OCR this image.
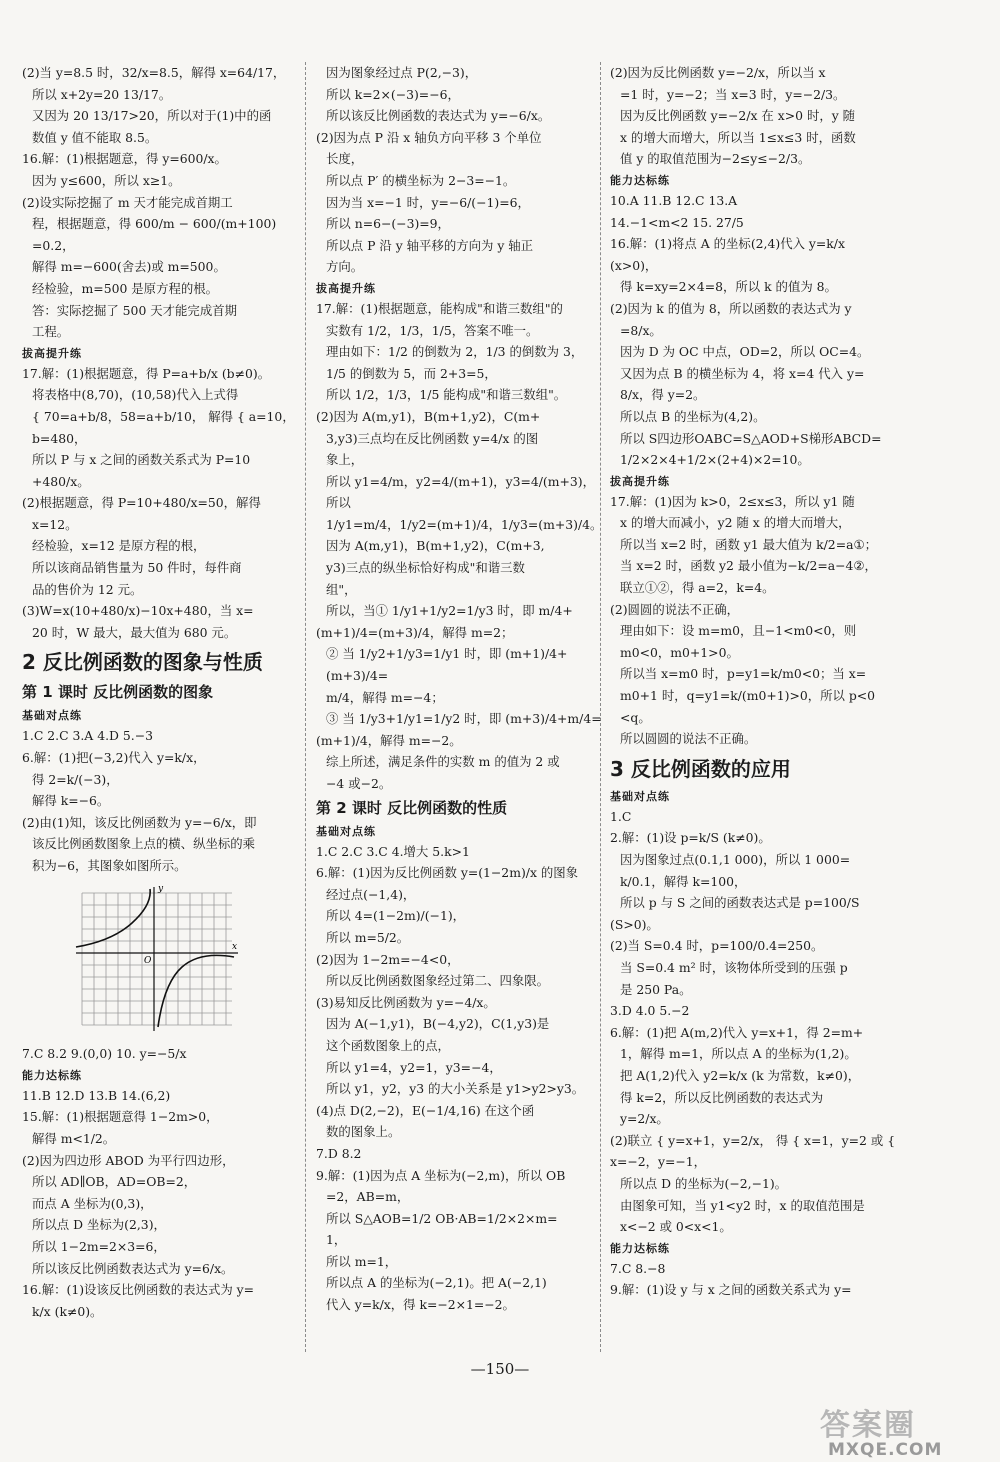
(2)当 y=8.5 时，32/x=8.5，解得 x=64/17，
所以 x+2y=20 13/17。
又因为 20 13/17>20，所以对于(1)中的函
数值 y 值不能取 8.5。
16.解：(1)根据题意，得 y=600/x。
因为 y≤600，所以 x≥1。
(2)设实际挖掘了 m 天才能完成首期工
程，根据题意，得 600/m − 600/(m+100) =0.2，
解得 m=−600(舍去)或 m=500。
经检验，m=500 是原方程的根。
答：实际挖掘了 500 天才能完成首期
工程。
拔高提升练
17.解：(1)根据题意，得 P=a+b/x (b≠0)。
将表格中(8,70)，(10,58)代入上式得
{ 70=a+b/8，58=a+b/10， 解得 { a=10，b=480，
所以 P 与 x 之间的函数关系式为 P=10
+480/x。
(2)根据题意，得 P=10+480/x=50，解得
x=12。
经检验，x=12 是原方程的根，
所以该商品销售量为 50 件时，每件商
品的售价为 12 元。
(3)W=x(10+480/x)−10x+480，当 x=
20 时，W 最大，最大值为 680 元。
2 反比例函数的图象与性质
第 1 课时 反比例函数的图象
基础对点练
1.C 2.C 3.A 4.D 5.−3
6.解：(1)把(−3,2)代入 y=k/x，
得 2=k/(−3)，
解得 k=−6。
(2)由(1)知，该反比例函数为 y=−6/x，即
该反比例函数图象上点的横、纵坐标的乘
积为−6，其图象如图所示。
x
y
O
7.C 8.2 9.(0,0) 10. y=−5/x
能力达标练
11.B 12.D 13.B 14.(6,2)
15.解：(1)根据题意得 1−2m>0，
解得 m<1/2。
(2)因为四边形 ABOD 为平行四边形，
所以 AD∥OB，AD=OB=2，
而点 A 坐标为(0,3)，
所以点 D 坐标为(2,3)，
所以 1−2m=2×3=6，
所以该反比例函数表达式为 y=6/x。
16.解：(1)设该反比例函数的表达式为 y=
k/x (k≠0)。
因为图象经过点 P(2,−3)，
所以 k=2×(−3)=−6，
所以该反比例函数的表达式为 y=−6/x。
(2)因为点 P 沿 x 轴负方向平移 3 个单位
长度，
所以点 P′ 的横坐标为 2−3=−1。
因为当 x=−1 时，y=−6/(−1)=6，
所以 n=6−(−3)=9，
所以点 P 沿 y 轴平移的方向为 y 轴正
方向。
拔高提升练
17.解：(1)根据题意，能构成"和谐三数组"的
实数有 1/2，1/3，1/5，答案不唯一。
理由如下：1/2 的倒数为 2，1/3 的倒数为 3，
1/5 的倒数为 5，而 2+3=5，
所以 1/2，1/3，1/5 能构成"和谐三数组"。
(2)因为 A(m,y1)，B(m+1,y2)，C(m+
3,y3)三点均在反比例函数 y=4/x 的图
象上，
所以 y1=4/m，y2=4/(m+1)，y3=4/(m+3)，所以
1/y1=m/4，1/y2=(m+1)/4，1/y3=(m+3)/4。
因为 A(m,y1)，B(m+1,y2)，C(m+3,
y3)三点的纵坐标恰好构成"和谐三数
组"，
所以，当① 1/y1+1/y2=1/y3 时，即 m/4+
(m+1)/4=(m+3)/4，解得 m=2；
② 当 1/y2+1/y3=1/y1 时，即 (m+1)/4+(m+3)/4=
m/4，解得 m=−4；
③ 当 1/y3+1/y1=1/y2 时，即 (m+3)/4+m/4=
(m+1)/4，解得 m=−2。
综上所述，满足条件的实数 m 的值为 2 或
−4 或−2。
第 2 课时 反比例函数的性质
基础对点练
1.C 2.C 3.C 4.增大 5.k>1
6.解：(1)因为反比例函数 y=(1−2m)/x 的图象
经过点(−1,4)，
所以 4=(1−2m)/(−1)，
所以 m=5/2。
(2)因为 1−2m=−4<0，
所以反比例函数图象经过第二、四象限。
(3)易知反比例函数为 y=−4/x。
因为 A(−1,y1)，B(−4,y2)，C(1,y3)是
这个函数图象上的点，
所以 y1=4，y2=1，y3=−4，
所以 y1，y2，y3 的大小关系是 y1>y2>y3。
(4)点 D(2,−2)，E(−1/4,16) 在这个函
数的图象上。
7.D 8.2
9.解：(1)因为点 A 坐标为(−2,m)，所以 OB
=2，AB=m，
所以 S△AOB=1/2 OB·AB=1/2×2×m=
1，
所以 m=1，
所以点 A 的坐标为(−2,1)。把 A(−2,1)
代入 y=k/x，得 k=−2×1=−2。
(2)因为反比例函数 y=−2/x，所以当 x
=1 时，y=−2；当 x=3 时，y=−2/3。
因为反比例函数 y=−2/x 在 x>0 时，y 随
x 的增大而增大，所以当 1≤x≤3 时，函数
值 y 的取值范围为−2≤y≤−2/3。
能力达标练
10.A 11.B 12.C 13.A
14.−1<m<2 15. 27/5
16.解：(1)将点 A 的坐标(2,4)代入 y=k/x
(x>0)，
得 k=xy=2×4=8，所以 k 的值为 8。
(2)因为 k 的值为 8，所以函数的表达式为 y
=8/x。
因为 D 为 OC 中点，OD=2，所以 OC=4。
又因为点 B 的横坐标为 4，将 x=4 代入 y=
8/x，得 y=2。
所以点 B 的坐标为(4,2)。
所以 S四边形OABC=S△AOD+S梯形ABCD=
1/2×2×4+1/2×(2+4)×2=10。
拔高提升练
17.解：(1)因为 k>0，2≤x≤3，所以 y1 随
x 的增大而减小，y2 随 x 的增大而增大，
所以当 x=2 时，函数 y1 最大值为 k/2=a①；
当 x=2 时，函数 y2 最小值为−k/2=a−4②，
联立①②，得 a=2，k=4。
(2)圆圆的说法不正确，
理由如下：设 m=m0，且−1<m0<0，则
m0<0，m0+1>0。
所以当 x=m0 时，p=y1=k/m0<0；当 x=
m0+1 时，q=y1=k/(m0+1)>0，所以 p<0
<q。
所以圆圆的说法不正确。
3 反比例函数的应用
基础对点练
1.C
2.解：(1)设 p=k/S (k≠0)。
因为图象过点(0.1,1 000)，所以 1 000=
k/0.1，解得 k=100，
所以 p 与 S 之间的函数表达式是 p=100/S
(S>0)。
(2)当 S=0.4 时，p=100/0.4=250。
当 S=0.4 m² 时，该物体所受到的压强 p
是 250 Pa。
3.D 4.0 5.−2
6.解：(1)把 A(m,2)代入 y=x+1，得 2=m+
1，解得 m=1，所以点 A 的坐标为(1,2)。
把 A(1,2)代入 y2=k/x (k 为常数，k≠0)，
得 k=2，所以反比例函数的表达式为
y=2/x。
(2)联立 { y=x+1，y=2/x， 得 { x=1，y=2 或 { x=−2，y=−1，
所以点 D 的坐标为(−2,−1)。
由图象可知，当 y1<y2 时，x 的取值范围是
x<−2 或 0<x<1。
能力达标练
7.C 8.−8
9.解：(1)设 y 与 x 之间的函数关系式为 y=
—150—
答案圈
MXQE.COM
